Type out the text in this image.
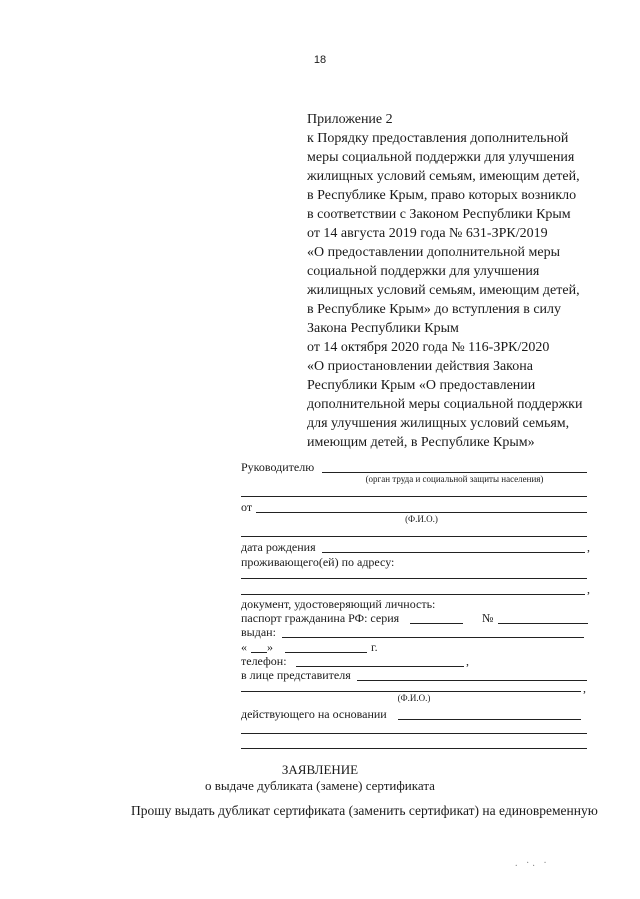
18
Приложение 2
к Порядку предоставления дополнительной
меры социальной поддержки для улучшения
жилищных условий семьям, имеющим детей,
в Республике Крым, право которых возникло
в соответствии с Законом Республики Крым
от 14 августа 2019 года № 631-ЗРК/2019
«О предоставлении дополнительной меры
социальной поддержки для улучшения
жилищных условий семьям, имеющим детей,
в Республике Крым» до вступления в силу
Закона Республики Крым
от 14 октября 2020 года № 116-ЗРК/2020
«О приостановлении действия Закона
Республики Крым «О предоставлении
дополнительной меры социальной поддержки
для улучшения жилищных условий семьям,
имеющим детей, в Республике Крым»
Руководителю
(орган труда и социальной защиты населения)
от
(Ф.И.О.)
дата рождения	,
проживающего(ей) по адресу:
,
документ, удостоверяющий личность:
паспорт гражданина РФ: серия	№
выдан:
« »	г.
телефон:	,
в лице представителя
,
(Ф.И.О.)
действующего на основании
ЗАЯВЛЕНИЕ
о выдаче дубликата (замене) сертификата
Прошу выдать дубликат сертификата (заменить сертификат) на единовременную
. ·. ·
